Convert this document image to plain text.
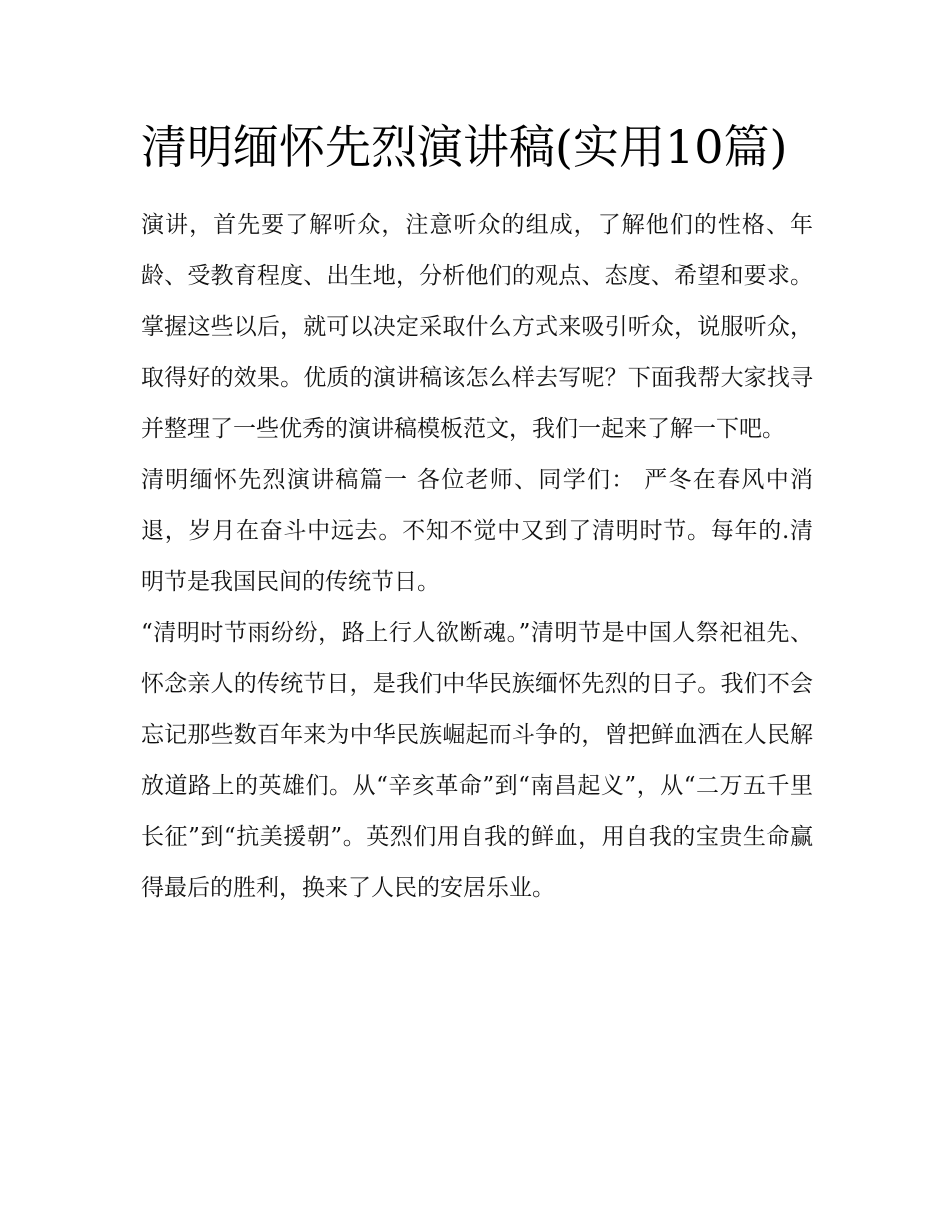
清明缅怀先烈演讲稿(实用10篇)

演讲，首先要了解听众，注意听众的组成，了解他们的性格、年龄、受教育程度、出生地，分析他们的观点、态度、希望和要求。掌握这些以后，就可以决定采取什么方式来吸引听众，说服听众，取得好的效果。优质的演讲稿该怎么样去写呢？下面我帮大家找寻并整理了一些优秀的演讲稿模板范文，我们一起来了解一下吧。

清明缅怀先烈演讲稿篇一 各位老师、同学们： 严冬在春风中消退，岁月在奋斗中远去。不知不觉中又到了清明时节。每年的.清明节是我国民间的传统节日。

“清明时节雨纷纷，路上行人欲断魂。”清明节是中国人祭祀祖先、怀念亲人的传统节日，是我们中华民族缅怀先烈的日子。我们不会忘记那些数百年来为中华民族崛起而斗争的，曾把鲜血洒在人民解放道路上的英雄们。从“辛亥革命”到“南昌起义”，从“二万五千里长征”到“抗美援朝”。英烈们用自我的鲜血，用自我的宝贵生命赢得最后的胜利，换来了人民的安居乐业。
